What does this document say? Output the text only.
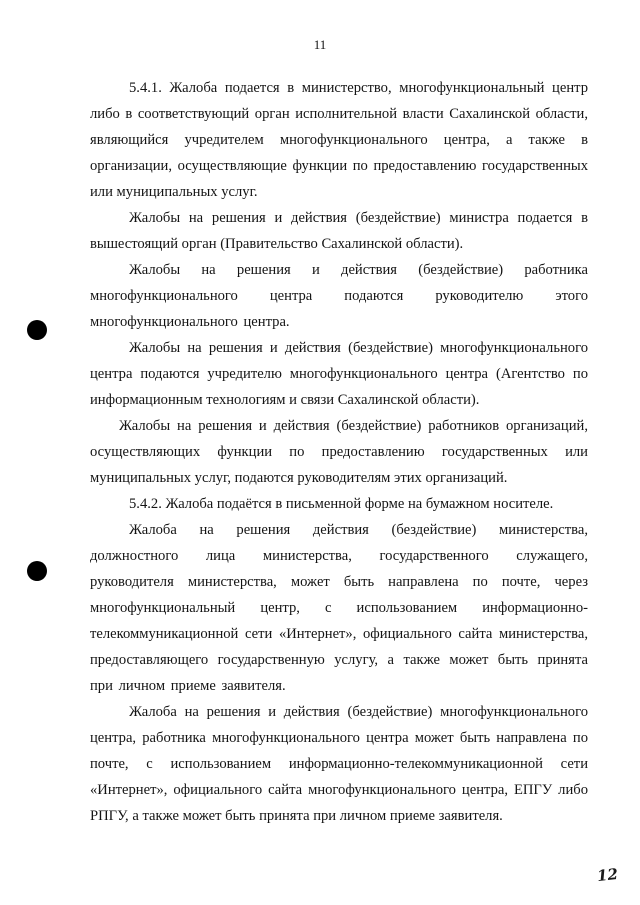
11

5.4.1. Жалоба подается в министерство, многофункциональный центр либо в соответствующий орган исполнительной власти Сахалинской области, являющийся учредителем многофункционального центра, а также в организации, осуществляющие функции по предоставлению государственных или муниципальных услуг.

Жалобы на решения и действия (бездействие) министра подается в вышестоящий орган (Правительство Сахалинской области).

Жалобы на решения и действия (бездействие) работника многофункционального центра подаются руководителю этого многофункционального центра.

Жалобы на решения и действия (бездействие) многофункционального центра подаются учредителю многофункционального центра (Агентство по информационным технологиям и связи Сахалинской области).

Жалобы на решения и действия (бездействие) работников организаций, осуществляющих функции по предоставлению государственных или муниципальных услуг, подаются руководителям этих организаций.

5.4.2. Жалоба подаётся в письменной форме на бумажном носителе.

Жалоба на решения действия (бездействие) министерства, должностного лица министерства, государственного служащего, руководителя министерства, может быть направлена по почте, через многофункциональный центр, с использованием информационно-телекоммуникационной сети «Интернет», официального сайта министерства, предоставляющего государственную услугу, а также может быть принята при личном приеме заявителя.

Жалоба на решения и действия (бездействие) многофункционального центра, работника многофункционального центра может быть направлена по почте, с использованием информационно-телекоммуникационной сети «Интернет», официального сайта многофункционального центра, ЕПГУ либо РПГУ, а также может быть принята при личном приеме заявителя.

12
